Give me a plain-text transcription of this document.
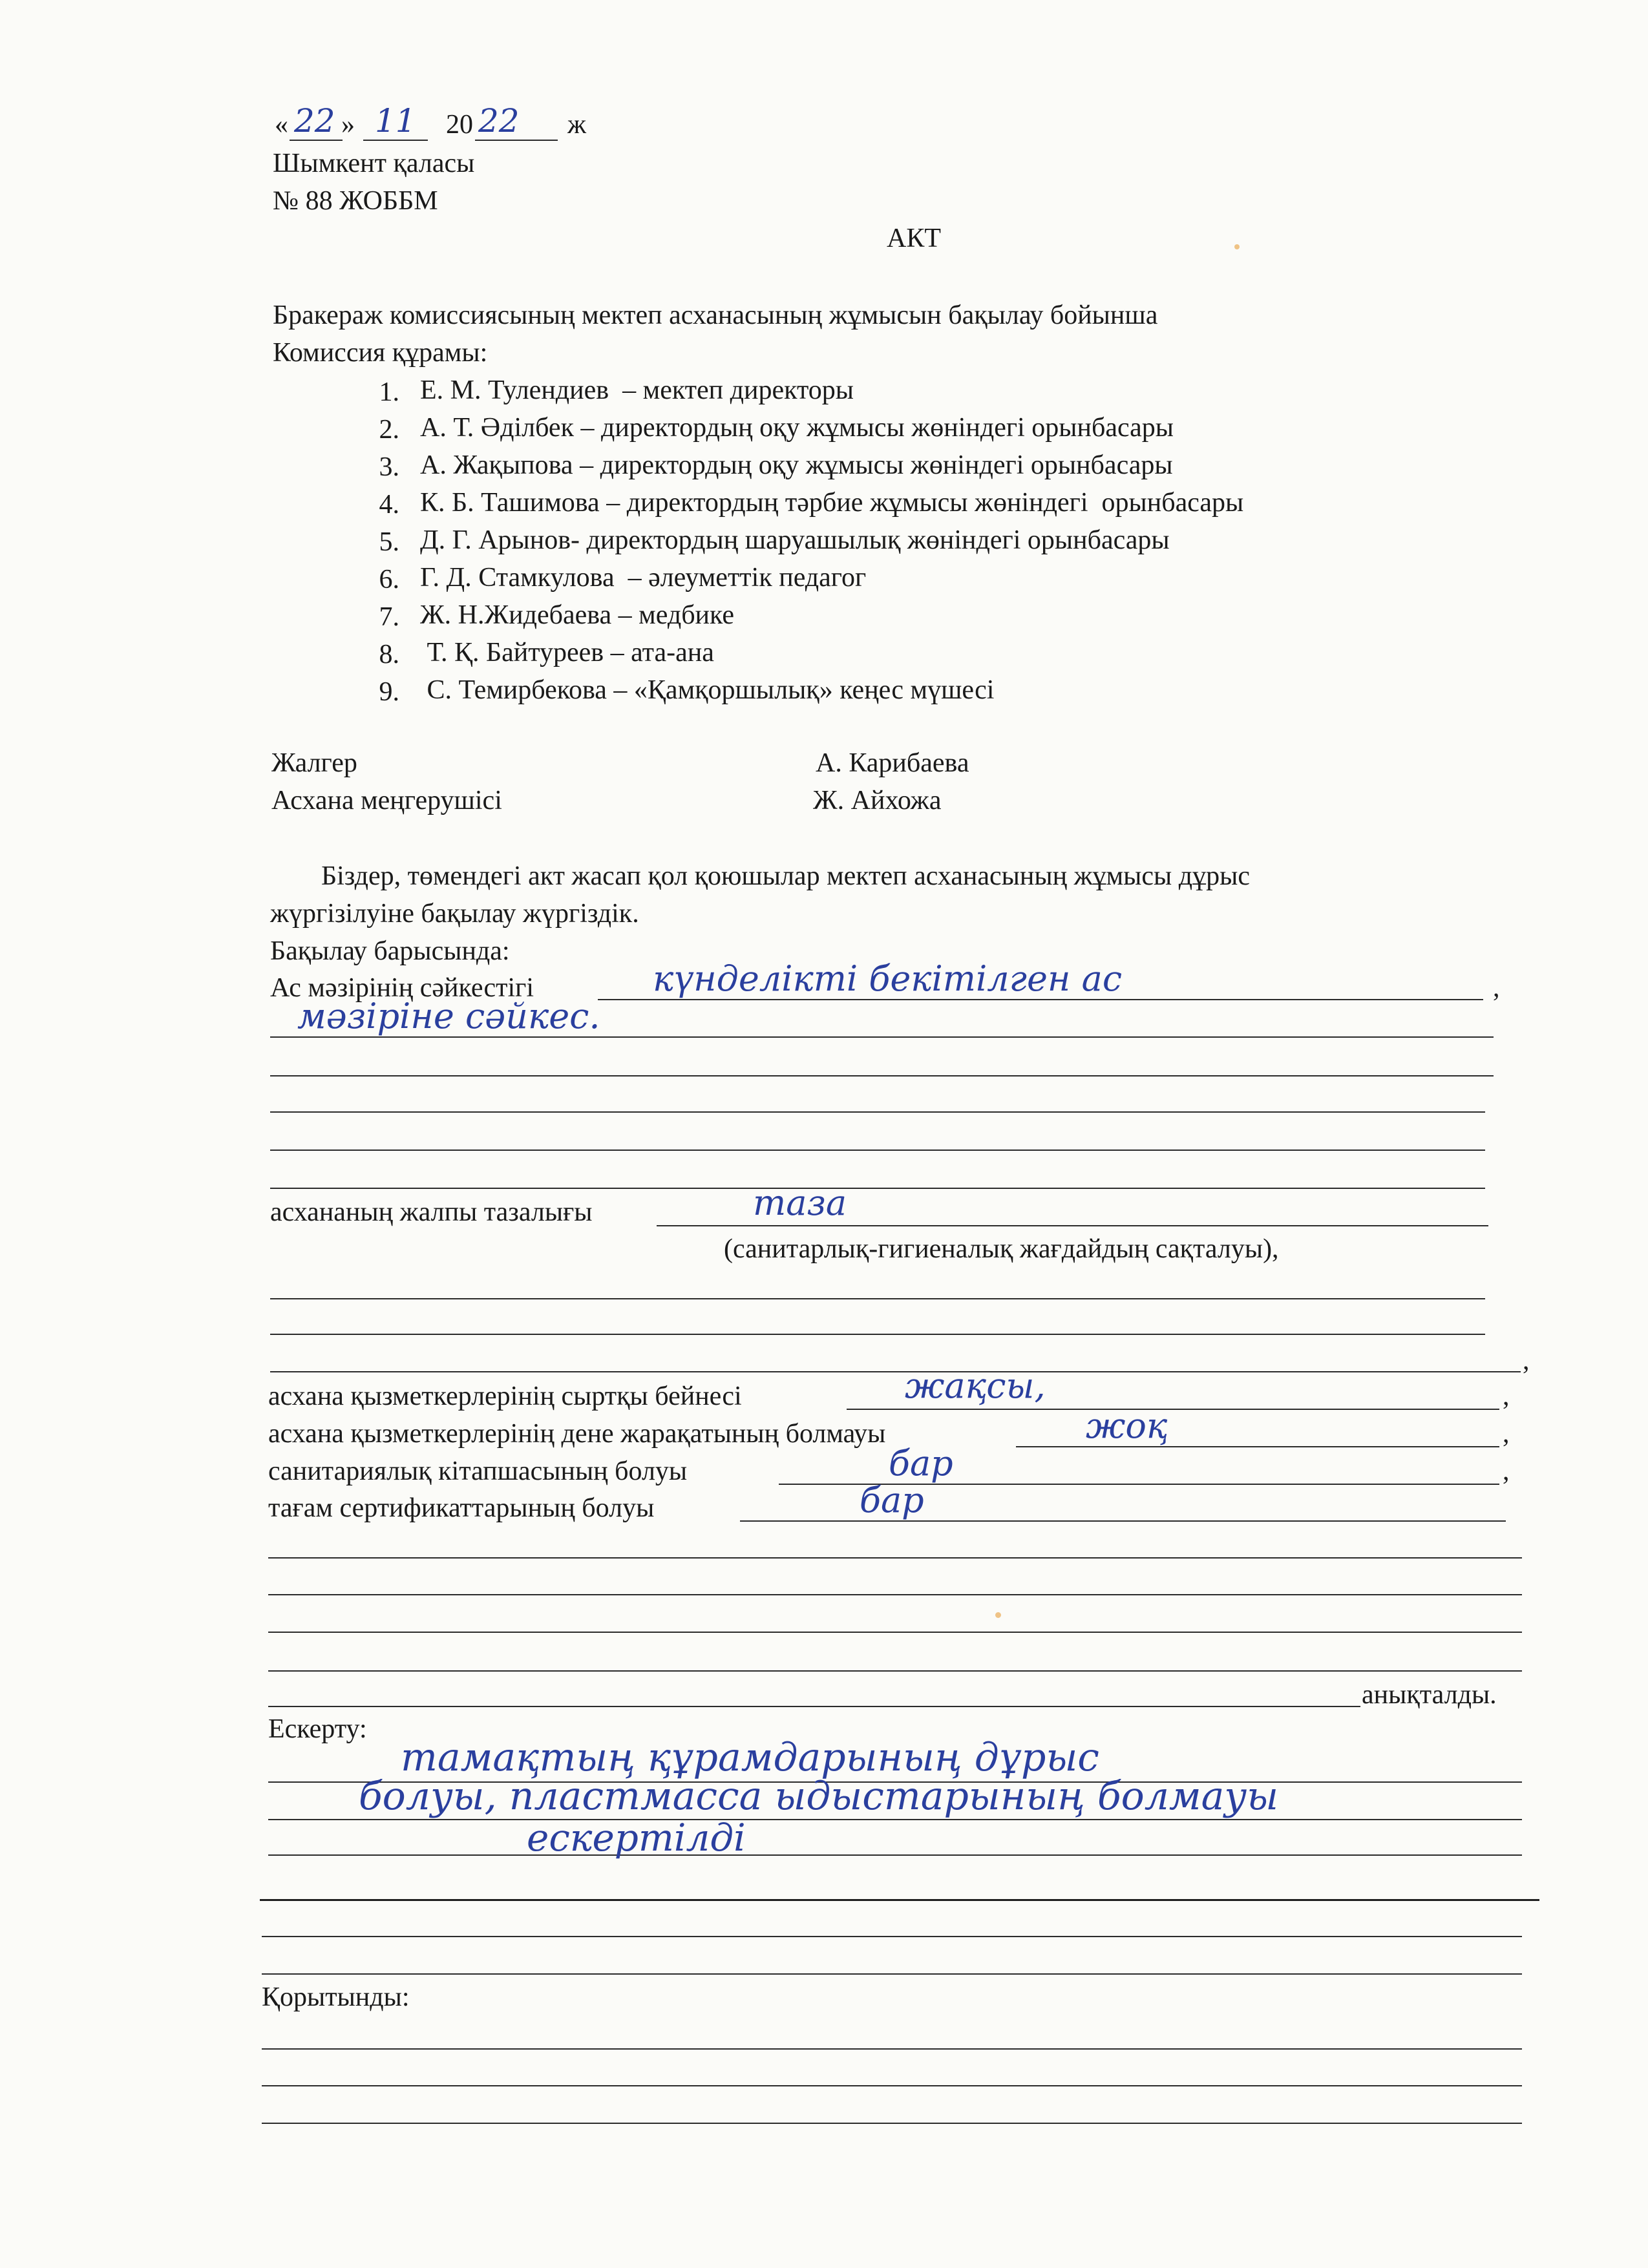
« 22 » 11 20 22 ж
Шымкент қаласы
№ 88 ЖОББМ
АКТ
Бракераж комиссиясының мектеп асханасының жұмысын бақылау бойынша
Комиссия құрамы:
1. Е. М. Тулендиев  – мектеп директоры
2. А. Т. Әділбек – директордың оқу жұмысы жөніндегі орынбасары
3. А. Жақыпова – директордың оқу жұмысы жөніндегі орынбасары
4. К. Б. Ташимова – директордың тәрбие жұмысы жөніндегі  орынбасары
5. Д. Г. Арынов- директордың шаруашылық жөніндегі орынбасары
6. Г. Д. Стамкулова  – әлеуметтік педагог
7. Ж. Н.Жидебаева – медбике
8. Т. Қ. Байтуреев – ата-ана
9. С. Темирбекова – «Қамқоршылық» кеңес мүшесі
Жалгер	А. Карибаева
Асхана меңгерушісі	Ж. Айхожа
Біздер, төмендегі акт жасап қол қоюшылар мектеп асханасының жұмысы дұрыс
жүргізілуіне бақылау жүргіздік.
Бақылау барысында:
Ас мәзірінің сәйкестігі	күнделікті бекітілген ас	,
мәзіріне сәйкес.
асхананың жалпы тазалығы	таза
(санитарлық-гигиеналық жағдайдың сақталуы),
,
асхана қызметкерлерінің сыртқы бейнесі	жақсы,	,
асхана қызметкерлерінің дене жарақатының болмауы	жоқ	,
санитариялық кітапшасының болуы	бар	,
тағам сертификаттарының болуы	бар
анықталды.
Ескерту:
тамақтың құрамдарының дұрыс
болуы, пластмасса ыдыстарының болмауы
ескертілді
Қорытынды:
